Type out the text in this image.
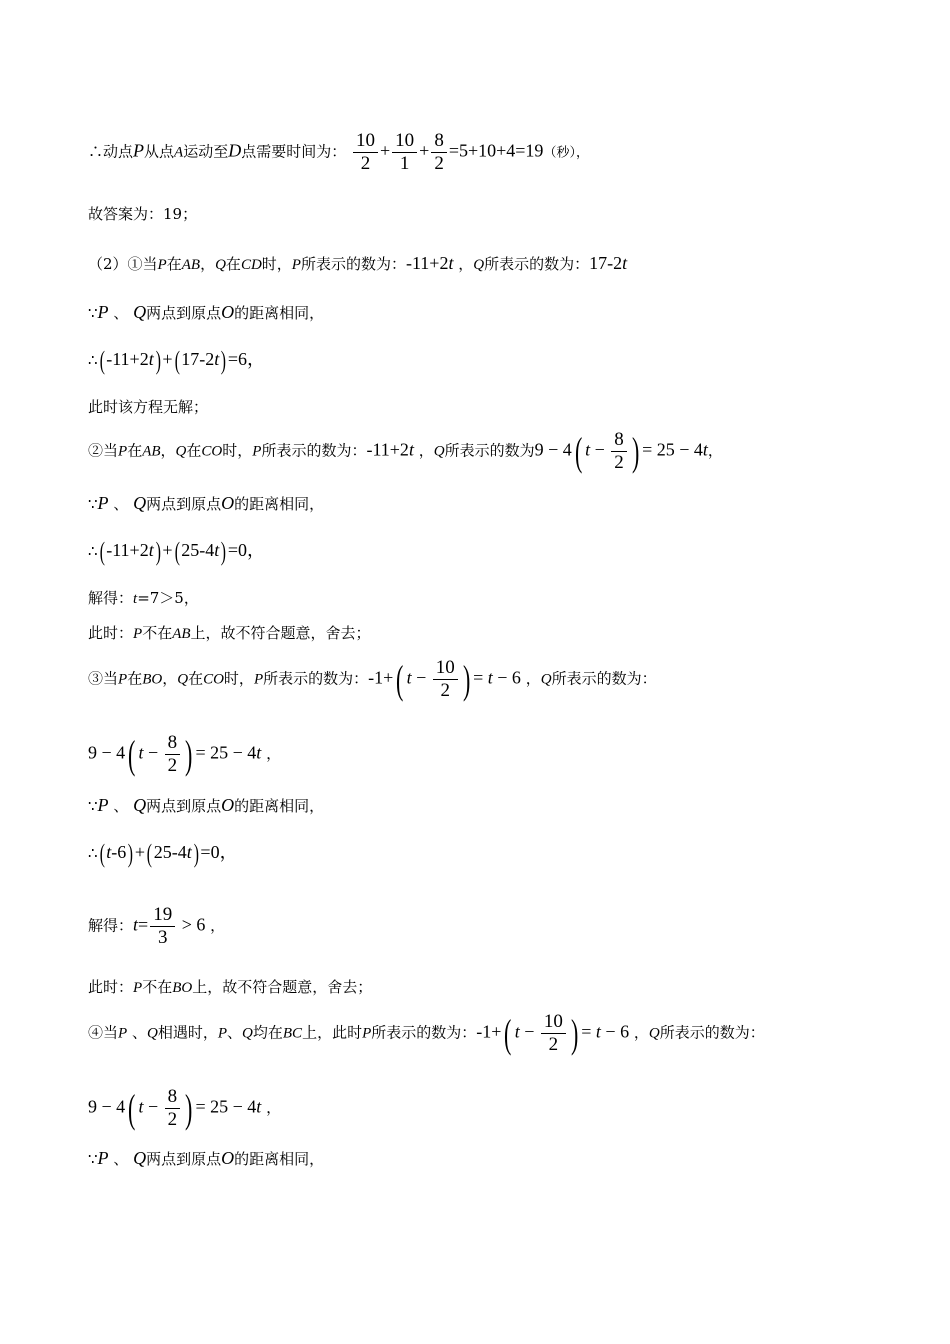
∴动点P从点A运动至D点需要时间为： $\frac{10}{2} + \frac{10}{1} + \frac{8}{2} =5+10+4=19$（秒），
故答案为：19；
（2）①当P在AB，Q在CD时，P所表示的数为：-11+2t ，Q所表示的数为：17-2t
∵P 、 Q两点到原点O的距离相同，
∴(-11+2t)+(17-2t)=6，
此时该方程无解；
②当P在AB，Q在CO时，P所表示的数为：-11+2t ，Q所表示的数为9 − 4( $t - \frac{8}{2}$ ) = 25 − 4t，
∵P 、 Q两点到原点O的距离相同，
∴(-11+2t)+(25-4t)=0，
解得：t=7＞5，
此时：P不在AB上，故不符合题意，舍去；
③当P在BO，Q在CO时，P所表示的数为：-1+( $t - \frac{10}{2}$ ) = t − 6 ，Q所表示的数为：
9 − 4( $t - \frac{8}{2}$ ) = 25 − 4t ，
∵P 、 Q两点到原点O的距离相同，
∴(t-6)+(25-4t)=0，
解得：$t= \frac{19}{3} > 6$ ，
此时：P不在BO上，故不符合题意，舍去；
④当P 、Q相遇时，P、Q均在BC上，此时P所表示的数为：-1+( $t - \frac{10}{2}$ ) = t − 6 ，Q所表示的数为：
9 − 4( $t - \frac{8}{2}$ ) = 25 − 4t ，
∵P 、 Q两点到原点O的距离相同，
